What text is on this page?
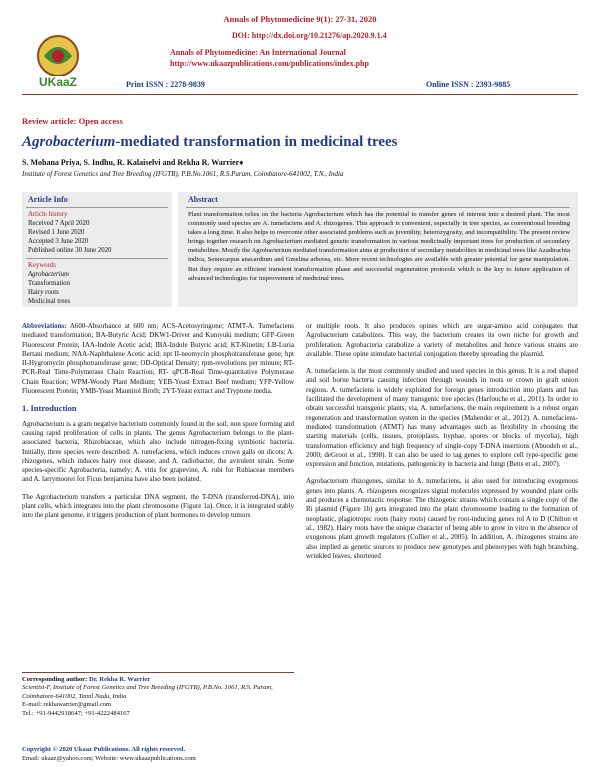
Annals of Phytomedicine 9(1): 27-31, 2020
UKaaZ
DOI: http://dx.doi.org/10.21276/ap.2020.9.1.4
Annals of Phytomedicine: An International Journal
http://www.ukaazpublications.com/publications/index.php
Print ISSN : 2278-9839	Online ISSN : 2393-9885
Review article: Open access
Agrobacterium-mediated transformation in medicinal trees
S. Mohana Priya, S. Indhu, R. Kalaiselvi and Rekha R. Warrier♦
Institute of Forest Genetics and Tree Breeding (IFGTB), P.B.No.1061, R.S.Puram, Coimbatore-641002, T.N., India
Article Info
Article history
Received 7 April 2020
Revised 1 June 2020
Accepted 3 June 2020
Published online 30 June 2020
Keywords
Agrobacterium
Transformation
Hairy roots
Medicinal trees
Abstract
Plant transformation relies on the bacteria Agrobacterium which has the potential to transfer genes of interest into a desired plant. The most commonly used species are A. tumefaciens and A. rhizogenes. This approach is convenient, especially in tree species, as conventional breeding takes a long time. It also helps to overcome other associated problems such as juvenility, heterozygosity, and incompatibility. The present review brings together research on Agrobacterium mediated genetic transformation in various medicinally important trees for production of secondary metabolites. Mostly the Agrobacterium mediated transformation aims at production of secondary metabolites in medicinal trees like Azadirachta indica, Semecarpus anacardium and Gmelina arborea, etc. More recent technologies are available with greater potential for gene manipulation. But they require an efficient transient transformation phase and successful regeneration protocols which is the key to future application of advanced technologies for improvement of medicinal trees.

Abbreviations: A600-Absorbance at 600 nm; ACS-Acetosyringone; ATMT-A. Tumefaciens mediated transformation; BA-Butyric Acid; DKW1-Driver and Kuniyuki medium; GFP-Green Fluorescent Protein; IAA-Indole Acetic acid; IBA-Indole Butyric acid; KT-Kinetin; LB-Luria Bertani medium; NAA-Naphthalene Acetic acid; npt II-neomycin phosphotransferase gene; hpt II-Hygromycin phosphotransferase gene; OD-Optical Density; rpm-revolutions per minute; RT-PCR-Real Time-Polymerase Chain Reaction; RT- qPCR-Real Time-quantitative Polymerase Chain Reaction; WPM-Woody Plant Medium; YEB-Yeast Extract Beef medium; YFP-Yellow Fluorescent Protein; YMB-Yeast Mannitol Broth; 2YT-Yeast extract and Tryptone media.

1. Introduction

Agrobacterium is a gram negative bacterium commonly found in the soil, non spore forming and causing rapid proliferation of cells in plants. The genus Agrobacterium belongs to the plant-associated bacteria, Rhizobiaceae, which also include nitrogen-fixing symbiotic bacteria. Initially, three species were described: A. tumefaciens, which induces crown galls on dicots; A. rhizogenes, which induces hairy root disease; and A. radiobacter, the avirulent strain. Some species-specific Agrobacteria, namely; A. vitis for grapevine, A. rubi for Rubiaceae members and A. larrymoorei for Ficus benjamina have also been isolated.

The Agrobacterium transfers a particular DNA segment, the T-DNA (transferred-DNA), into plant cells, which integrates into the plant chromosome (Figure 1a). Once, it is integrated stably into the plant genome, it triggers production of plant hormones to develop tumors

or multiple roots. It also produces opines which are sugar-amino acid conjugates that Agrobacterium catabolizes. This way, the bacterium creates its own niche for growth and proliferation. Agrobacteria catabolize a variety of metabolites and hence various strains are available. These opine stimulate bacterial conjugation thereby spreading the plasmid.

A. tumefaciens is the most commonly studied and used species in this genus. It is a rod shaped and soil borne bacteria causing infection through wounds in roots or crown in graft union regions. A. tumefaciens is widely exploited for foreign genes introduction into plants and has facilitated the development of many transgenic tree species (Harfouche et al., 2011). In order to obtain successful transgenic plants, via, A. tumefaciens, the main requirement is a robust organ regeneration and transformation system in the species (Mahender et al., 2012). A. tumefaciens-mediated transformation (ATMT) has many advantages such as flexibility in choosing the starting materials (cells, tissues, protoplasts, hyphae, spores or blocks of mycelia), high transformation efficiency and high frequency of single-copy T-DNA insertions (Abuodeh et al., 2000; deGroot et al., 1998). It can also be used to tag genes to explore cell type-specific gene expression and function, mutations, pathogenicity in bacteria and fungi (Betts et al., 2007).

Agrobacterium rhizogenes, similar to A. tumefaciens, is also used for introducing exogenous genes into plants. A. rhizogenes recognizes signal molecules expressed by wounded plant cells and produces a chemotactic response. The rhizogenic strains which contain a single copy of the Ri plasmid (Figure 1b) gets integrated into the plant chromosome leading to the formation of neoplastic, plagiotropic roots (hairy roots) caused by root-inducing genes rol A to D (Chilton et al., 1982). Hairy roots have the unique character of being able to grow in vitro in the absence of exogenous plant growth regulators (Collier et al., 2005). In addition, A. rhizogenes strains are also implied as genetic sources to produce new genotypes and phenotypes with high branching, wrinkled leaves, shortened

Corresponding author: Dr. Rekha R. Warrier
Scientist-F, Institute of Forest Genetics and Tree Breeding (IFGTB), P.B.No. 1061, R.S. Puram, Coimbatore-641002, Tamil Nadu, India
E-mail: rekhawarrier@gmail.com
Tel.: +91-9442918647; +91-4222484167
Copyright © 2020 Ukaaz Publications. All rights reserved.
Email: ukaaz@yahoo.com; Website: www.ukaazpublications.com
